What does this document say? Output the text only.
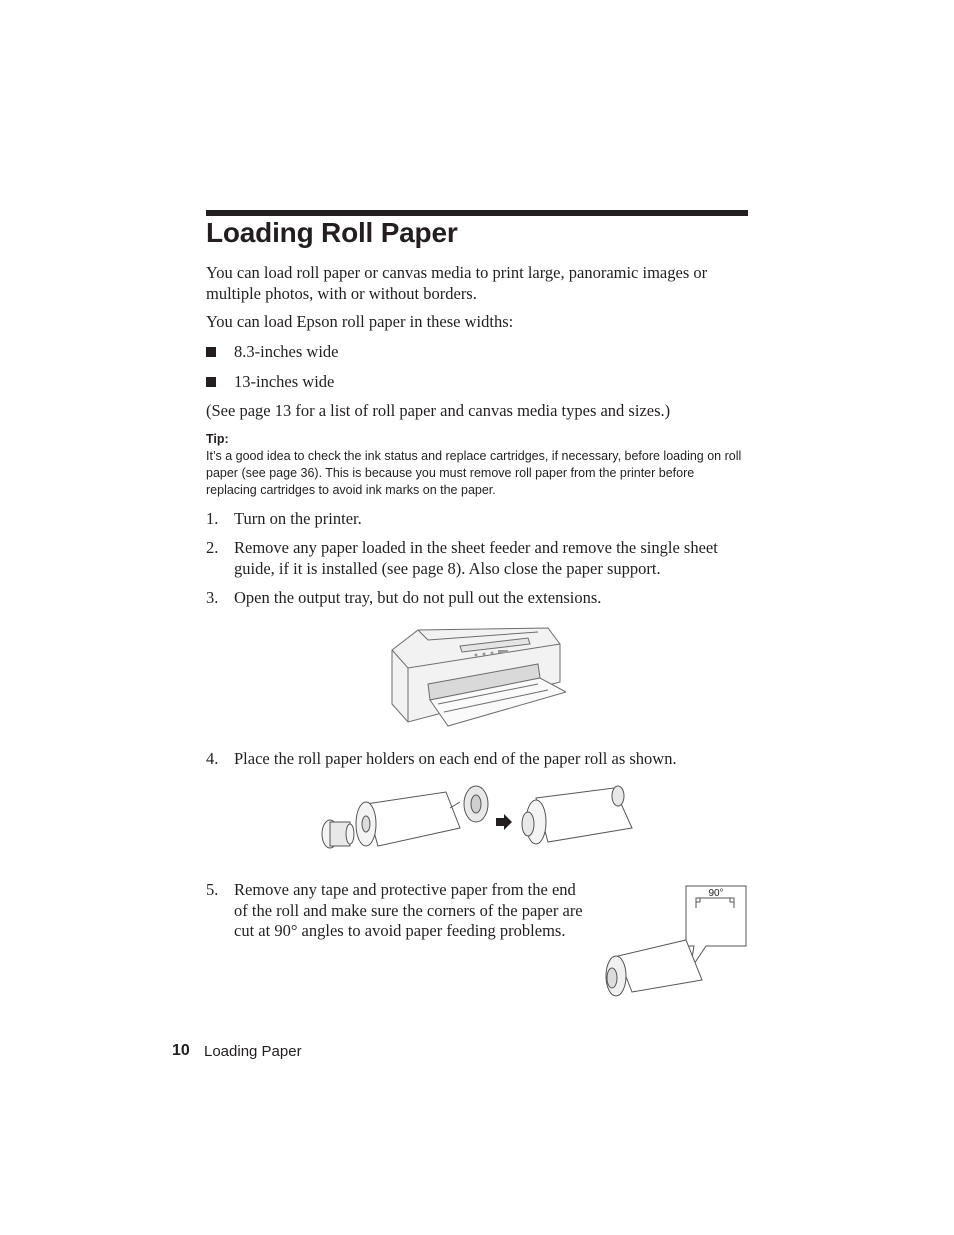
Loading Roll Paper
You can load roll paper or canvas media to print large, panoramic images or multiple photos, with or without borders.
You can load Epson roll paper in these widths:
8.3-inches wide
13-inches wide
(See page 13 for a list of roll paper and canvas media types and sizes.)
Tip:
It’s a good idea to check the ink status and replace cartridges, if necessary, before loading on roll paper (see page 36). This is because you must remove roll paper from the printer before replacing cartridges to avoid ink marks on the paper.
1. Turn on the printer.
2. Remove any paper loaded in the sheet feeder and remove the single sheet guide, if it is installed (see page 8). Also close the paper support.
3. Open the output tray, but do not pull out the extensions.
4. Place the roll paper holders on each end of the paper roll as shown.
5. Remove any tape and protective paper from the end of the roll and make sure the corners of the paper are cut at 90° angles to avoid paper feeding problems.
90°
10 Loading Paper
